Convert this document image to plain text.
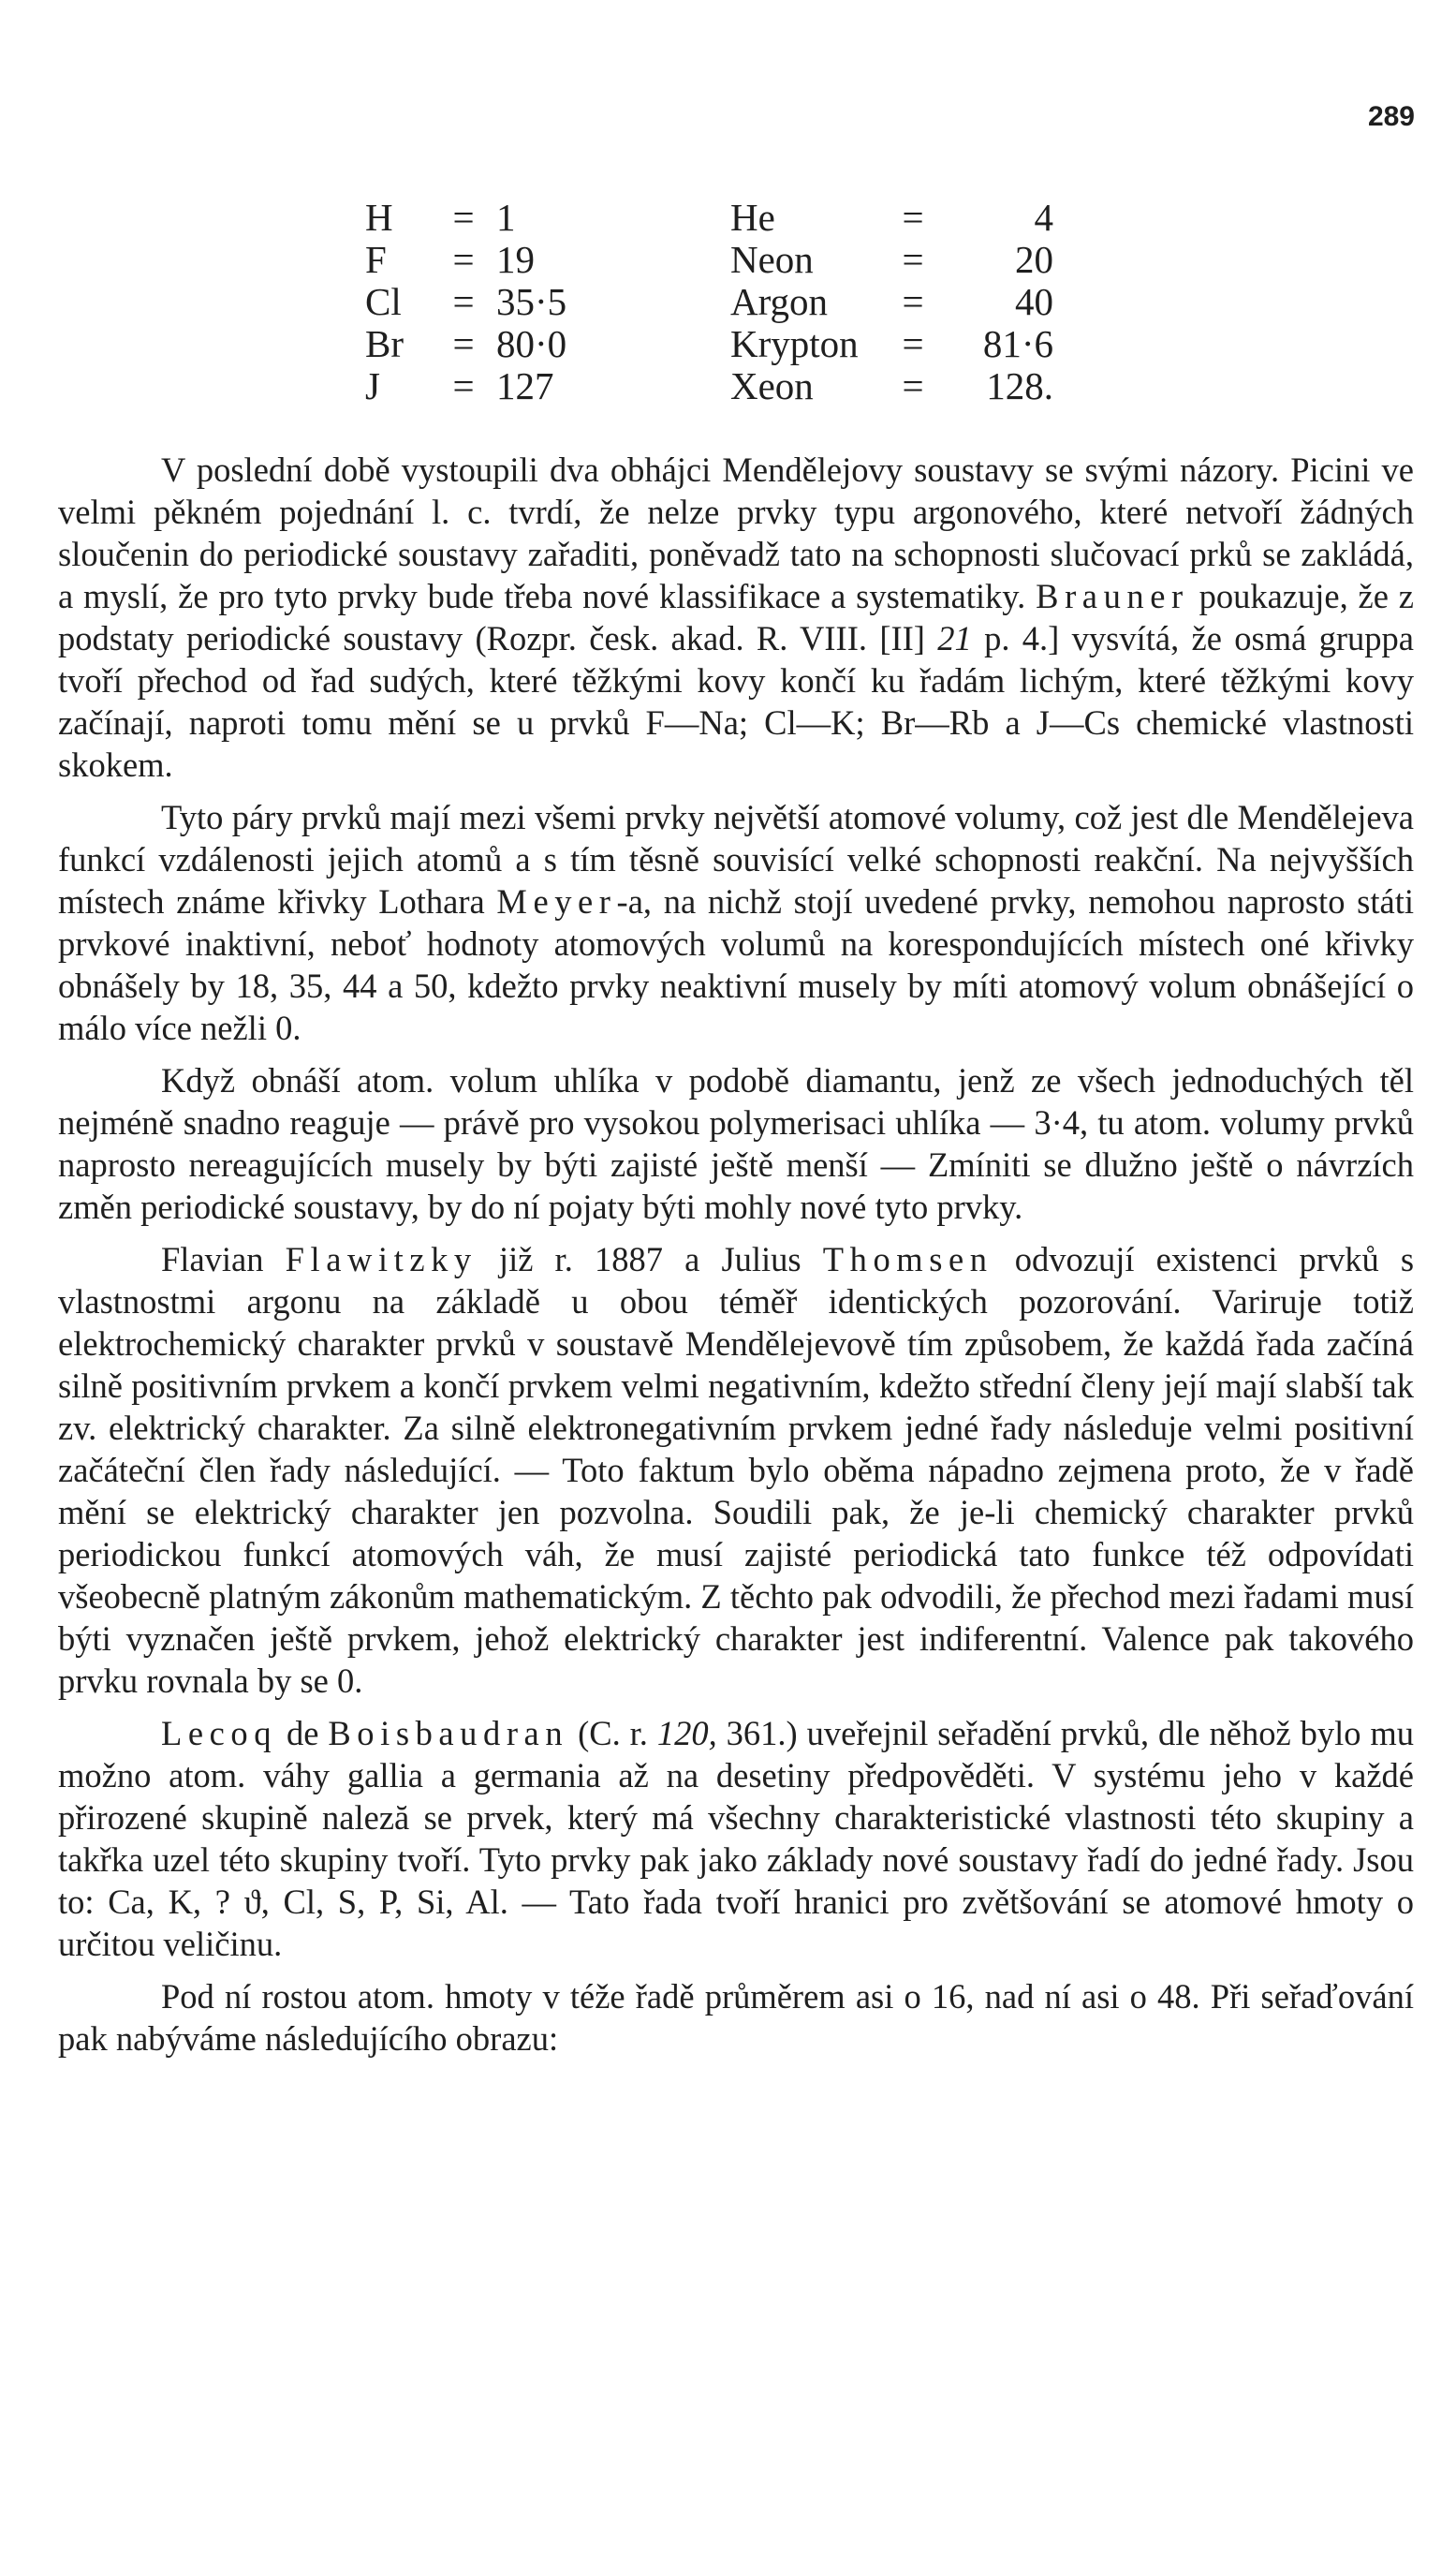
289
H	= 1	He	=	4
F	= 19	Neon	=	20
Cl	= 35·5	Argon	=	40
Br	= 80·0	Krypton	=	81·6
J	= 127	Xeon	=	128.

V poslední době vystoupili dva obhájci Mendělejovy soustavy se svými názory. Picini ve velmi pěkném pojednání l. c. tvrdí, že nelze prvky typu argonového, které netvoří žádných sloučenin do periodické soustavy zařaditi, poněvadž tato na schopnosti slučovací prků se zakládá, a myslí, že pro tyto prvky bude třeba nové klassifikace a systematiky. Brauner poukazuje, že z podstaty periodické soustavy (Rozpr. česk. akad. R. VIII. [II] 21 p. 4.] vysvítá, že osmá gruppa tvoří přechod od řad sudých, které těžkými kovy končí ku řadám lichým, které těžkými kovy začínají, naproti tomu mění se u prvků F—Na; Cl—K; Br—Rb a J—Cs chemické vlastnosti skokem.

Tyto páry prvků mají mezi všemi prvky největší atomové volumy, což jest dle Mendělejeva funkcí vzdálenosti jejich atomů a s tím těsně souvisící velké schopnosti reakční. Na nejvyšších místech známe křivky Lothara Meyer-a, na nichž stojí uvedené prvky, nemohou naprosto státi prvkové inaktivní, neboť hodnoty atomových volumů na korespondujících místech oné křivky obnášely by 18, 35, 44 a 50, kdežto prvky neaktivní musely by míti atomový volum obnášející o málo více nežli 0.

Když obnáší atom. volum uhlíka v podobě diamantu, jenž ze všech jednoduchých těl nejméně snadno reaguje — právě pro vysokou polymerisaci uhlíka — 3·4, tu atom. volumy prvků naprosto nereagujících musely by býti zajisté ještě menší — Zmíniti se dlužno ještě o návrzích změn periodické soustavy, by do ní pojaty býti mohly nové tyto prvky.

Flavian Flawitzky již r. 1887 a Julius Thomsen odvozují existenci prvků s vlastnostmi argonu na základě u obou téměř identických pozorování. Variruje totiž elektrochemický charakter prvků v soustavě Mendělejevově tím způsobem, že každá řada začíná silně positivním prvkem a končí prvkem velmi negativním, kdežto střední členy její mají slabší tak zv. elektrický charakter. Za silně elektronegativním prvkem jedné řady následuje velmi positivní začáteční člen řady následující. — Toto faktum bylo oběma nápadno zejmena proto, že v řadě mění se elektrický charakter jen pozvolna. Soudili pak, že je-li chemický charakter prvků periodickou funkcí atomových váh, že musí zajisté periodická tato funkce též odpovídati všeobecně platným zákonům mathematickým. Z těchto pak odvodili, že přechod mezi řadami musí býti vyznačen ještě prvkem, jehož elektrický charakter jest indiferentní. Valence pak takového prvku rovnala by se 0.

Lecoq de Boisbaudran (C. r. 120, 361.) uveřejnil seřadění prvků, dle něhož bylo mu možno atom. váhy gallia a germania až na desetiny předpověděti. V systému jeho v každé přirozené skupině naleză se prvek, který má všechny charakteristické vlastnosti této skupiny a takřka uzel této skupiny tvoří. Tyto prvky pak jako základy nové soustavy řadí do jedné řady. Jsou to: Ca, K, ? ϑ, Cl, S, P, Si, Al. — Tato řada tvoří hranici pro zvětšování se atomové hmoty o určitou veličinu.

Pod ní rostou atom. hmoty v téže řadě průměrem asi o 16, nad ní asi o 48. Při seřaďování pak nabýváme následujícího obrazu:
